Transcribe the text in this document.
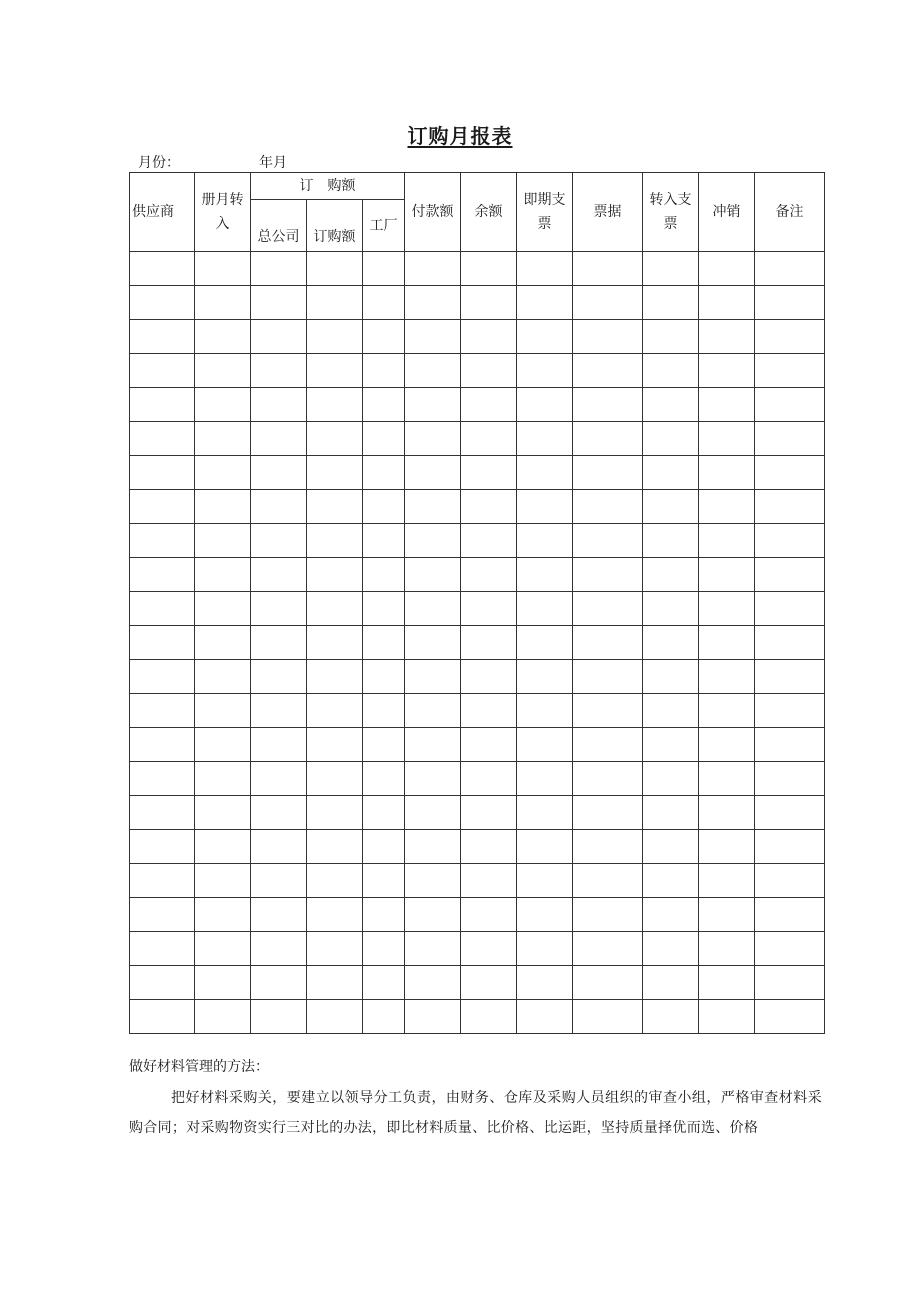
订购月报表
月份：	年月
供应商	册月转入	订　购额			付款额	余额	即期支票	票据	转入支票	冲销	备注
		总公司	订购额	工厂							

做好材料管理的方法：
把好材料采购关，要建立以领导分工负责，由财务、仓库及采购人员组织的审查小组，严格审查材料采购合同；对采购物资实行三对比的办法，即比材料质量、比价格、比运距，坚持质量择优而选、价格
